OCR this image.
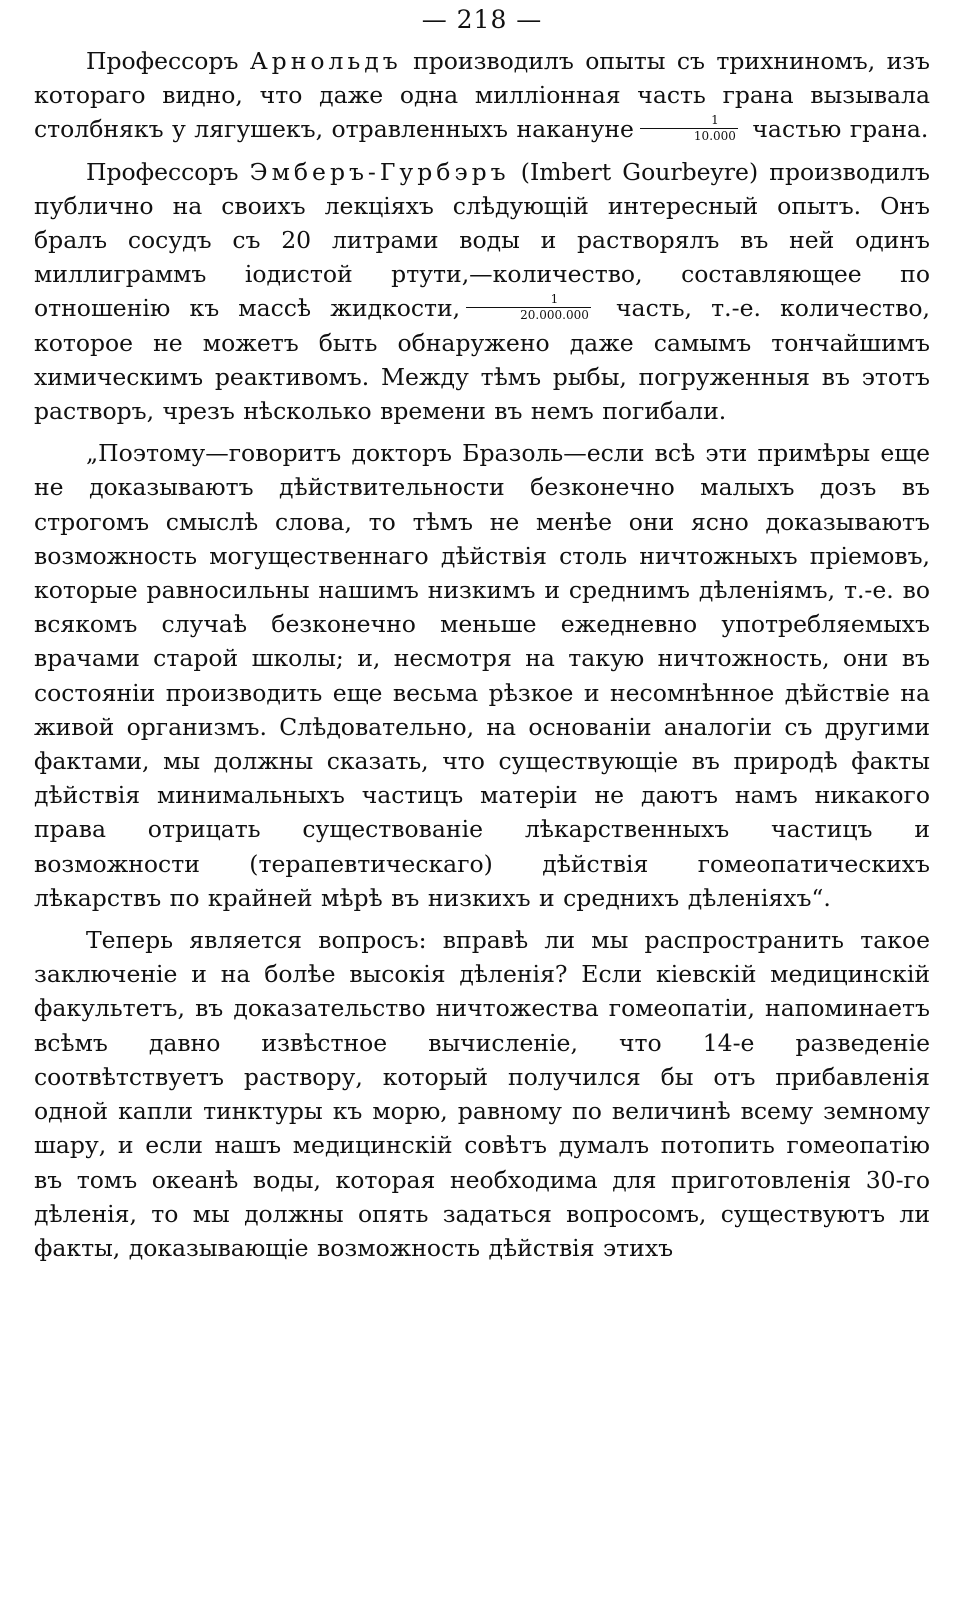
— 218 —

Профессоръ Арнольдъ производилъ опыты съ трихниномъ, изъ котораго видно, что даже одна милліонная часть грана вызывала столбнякъ у лягушекъ, отравленныхъ накануне $\frac{1}{10.000}$ частью грана.

Профессоръ Эмберъ-Гурбэръ (Imbert Gourbeyre) производилъ публично на своихъ лекціяхъ слѣдующій интересный опытъ. Онъ бралъ сосудъ съ 20 литрами воды и растворялъ въ ней одинъ миллиграммъ іодистой ртути,—количество, составляющее по отношенію къ массѣ жидкости, $\frac{1}{20.000.000}$ часть, т.-е. количество, которое не можетъ быть обнаружено даже самымъ тончайшимъ химическимъ реактивомъ. Между тѣмъ рыбы, погруженныя въ этотъ растворъ, чрезъ нѣсколько времени въ немъ погибали.

„Поэтому—говоритъ докторъ Бразоль—если всѣ эти примѣры еще не доказываютъ дѣйствительности безконечно малыхъ дозъ въ строгомъ смыслѣ слова, то тѣмъ не менѣе они ясно доказываютъ возможность могущественнаго дѣйствія столь ничтожныхъ пріемовъ, которые равносильны нашимъ низкимъ и среднимъ дѣленіямъ, т.-е. во всякомъ случаѣ безконечно меньше ежедневно употребляемыхъ врачами старой школы; и, несмотря на такую ничтожность, они въ состояніи производить еще весьма рѣзкое и несомнѣнное дѣйствіе на живой организмъ. Слѣдовательно, на основаніи аналогіи съ другими фактами, мы должны сказать, что существующіе въ природѣ факты дѣйствія минимальныхъ частицъ матеріи не даютъ намъ никакого права отрицать существованіе лѣкарственныхъ частицъ и возможности (терапевтическаго) дѣйствія гомеопатическихъ лѣкарствъ по крайней мѣрѣ въ низкихъ и среднихъ дѣленіяхъ“.

Теперь является вопросъ: вправѣ ли мы распространить такое заключеніе и на болѣе высокія дѣленія? Если кіевскій медицинскій факультетъ, въ доказательство ничтожества гомеопатіи, напоминаетъ всѣмъ давно извѣстное вычисленіе, что 14-е разведеніе соотвѣтствуетъ раствору, который получился бы отъ прибавленія одной капли тинктуры къ морю, равному по величинѣ всему земному шару, и если нашъ медицинскій совѣтъ думалъ потопить гомеопатію въ томъ океанѣ воды, которая необходима для приготовленія 30-го дѣленія, то мы должны опять задаться вопросомъ, существуютъ ли факты, доказывающіе возможность дѣйствія этихъ
